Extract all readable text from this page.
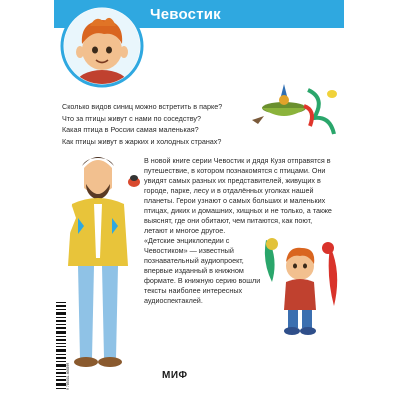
Чевостик

Сколько видов синиц можно встретить в парке?

Что за птицы живут с нами по соседству?

Какая птица в России самая маленькая?

Как птицы живут в жарких и холодных странах?

В новой книге серии Чевостик и дядя Кузя отправятся в путешествие, в котором познакомятся с птицами. Они увидят самых разных их представителей, живущих в городе, парке, лесу и в отдалённых уголках нашей планеты. Герои узнают о самых больших и маленьких птицах, диких и домашних, хищных и не только, а также выяснят, где они обитают, чем питаются, как поют, летают и многое другое.

«Детские энциклопедии с Чевостиком» — известный познавательный аудиопроект, впервые изданный в книжном формате. В книжную серию вошли тексты наиболее интересных аудиоспектаклей.

9 785001 466599	МИФ
